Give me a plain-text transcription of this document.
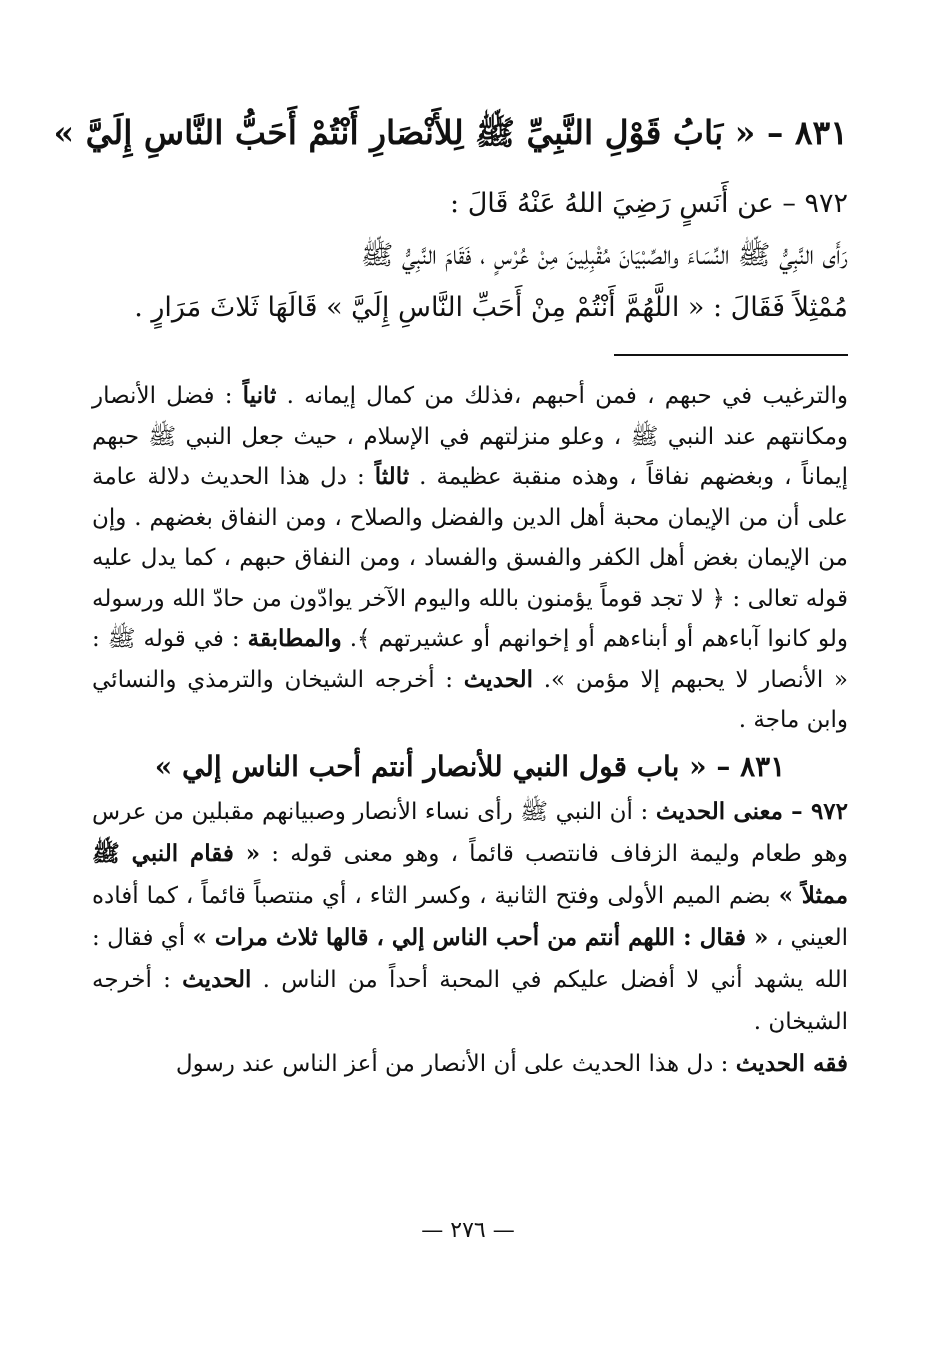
٨٣١ – « بَابُ قَوْلِ النَّبِيِّ ﷺ لِلأَنْصَارِ أَنْتُمْ أَحَبُّ النَّاسِ إِلَيَّ »
٩٧٢ – عن أَنَسٍ رَضِيَ اللهُ عَنْهُ قَالَ :
رَأَى النَّبِيُّ ﷺ النِّسَاءَ والصِّبْيَانَ مُقْبِلِينَ مِنْ عُرْسٍ ، فَقَامَ النَّبِيُّ ﷺ
مُمْثِلاً فَقَالَ : « اللَّهُمَّ أَنْتُمْ مِنْ أَحَبِّ النَّاسِ إِلَيَّ » قَالَهَا ثَلاثَ مَرَارٍ .

والترغيب في حبهم ، فمن أحبهم ،فذلك من كمال إيمانه . ثانياً : فضل الأنصار ومكانتهم عند النبي ﷺ ، وعلو منزلتهم في الإسلام ، حيث جعل النبي ﷺ حبهم إيماناً ، وبغضهم نفاقاً ، وهذه منقبة عظيمة . ثالثاً : دل هذا الحديث دلالة عامة على أن من الإيمان محبة أهل الدين والفضل والصلاح ، ومن النفاق بغضهم . وإن من الإيمان بغض أهل الكفر والفسق والفساد ، ومن النفاق حبهم ، كما يدل عليه قوله تعالى : ﴿ لا تجد قوماً يؤمنون بالله واليوم الآخر يوادّون من حادّ الله ورسوله ولو كانوا آباءهم أو أبناءهم أو إخوانهم أو عشيرتهم ﴾. والمطابقة : في قوله ﷺ : « الأنصار لا يحبهم إلا مؤمن ». الحديث : أخرجه الشيخان والترمذي والنسائي وابن ماجة .

٨٣١ – « باب قول النبي للأنصار أنتم أحب الناس إلي »

٩٧٢ – معنى الحديث : أن النبي ﷺ رأى نساء الأنصار وصبيانهم مقبلين من عرس وهو طعام وليمة الزفاف فانتصب قائماً ، وهو معنى قوله : « فقام النبي ﷺ ممثلاً » بضم الميم الأولى وفتح الثانية ، وكسر الثاء ، أي منتصباً قائماً ، كما أفاده العيني ، « فقال : اللهم أنتم من أحب الناس إلي ، قالها ثلاث مرات » أي فقال : الله يشهد أني لا أفضل عليكم في المحبة أحداً من الناس . الحديث : أخرجه الشيخان .

فقه الحديث : دل هذا الحديث على أن الأنصار من أعز الناس عند رسول

— ٢٧٦ —
